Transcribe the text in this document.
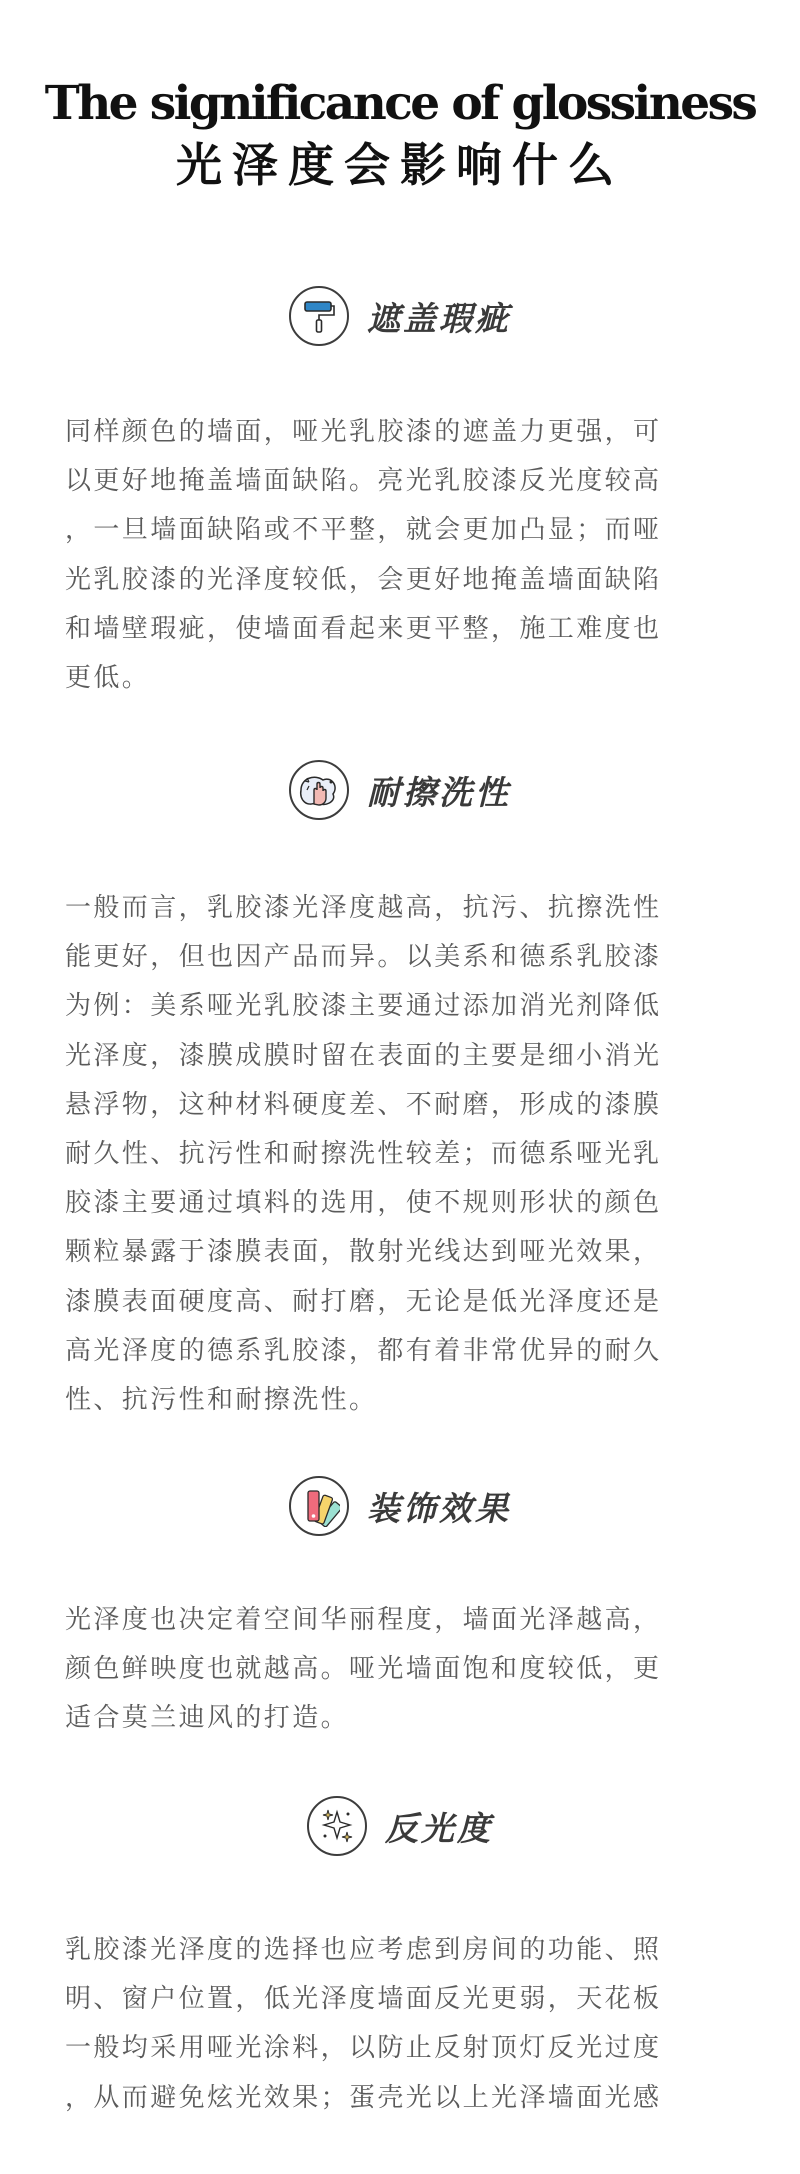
The significance of glossiness
光泽度会影响什么
遮盖瑕疵

同样颜色的墙面，哑光乳胶漆的遮盖力更强，可
以更好地掩盖墙面缺陷。亮光乳胶漆反光度较高
，一旦墙面缺陷或不平整，就会更加凸显；而哑
光乳胶漆的光泽度较低，会更好地掩盖墙面缺陷
和墙壁瑕疵，使墙面看起来更平整，施工难度也
更低。

耐擦洗性

一般而言，乳胶漆光泽度越高，抗污、抗擦洗性
能更好，但也因产品而异。以美系和德系乳胶漆
为例：美系哑光乳胶漆主要通过添加消光剂降低
光泽度，漆膜成膜时留在表面的主要是细小消光
悬浮物，这种材料硬度差、不耐磨，形成的漆膜
耐久性、抗污性和耐擦洗性较差；而德系哑光乳
胶漆主要通过填料的选用，使不规则形状的颜色
颗粒暴露于漆膜表面，散射光线达到哑光效果，
漆膜表面硬度高、耐打磨，无论是低光泽度还是
高光泽度的德系乳胶漆，都有着非常优异的耐久
性、抗污性和耐擦洗性。

装饰效果

光泽度也决定着空间华丽程度，墙面光泽越高，
颜色鲜映度也就越高。哑光墙面饱和度较低，更
适合莫兰迪风的打造。

反光度

乳胶漆光泽度的选择也应考虑到房间的功能、照
明、窗户位置，低光泽度墙面反光更弱，天花板
一般均采用哑光涂料，以防止反射顶灯反光过度
，从而避免炫光效果；蛋壳光以上光泽墙面光感
